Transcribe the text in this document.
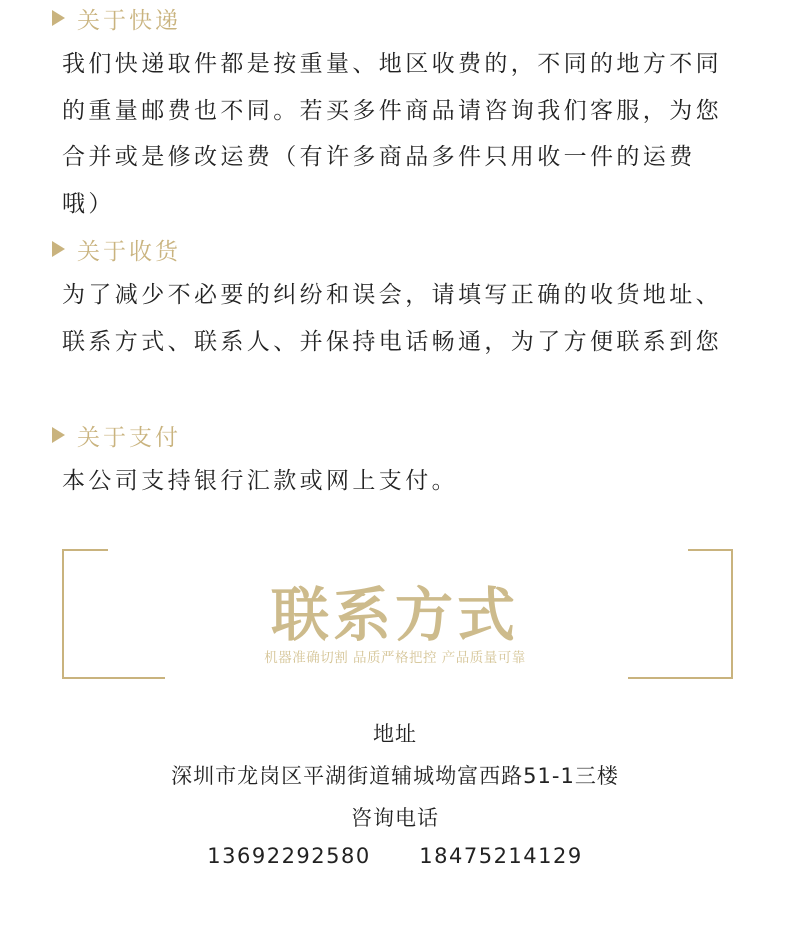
关于快递

我们快递取件都是按重量、地区收费的，不同的地方不同的重量邮费也不同。若买多件商品请咨询我们客服，为您合并或是修改运费（有许多商品多件只用收一件的运费哦）

关于收货

为了减少不必要的纠纷和误会，请填写正确的收货地址、联系方式、联系人、并保持电话畅通，为了方便联系到您

关于支付

本公司支持银行汇款或网上支付。

联系方式
机器准确切割 品质严格把控 产品质量可靠
地址
深圳市龙岗区平湖街道辅城坳富西路51-1三楼
咨询电话
13692292580   18475214129
